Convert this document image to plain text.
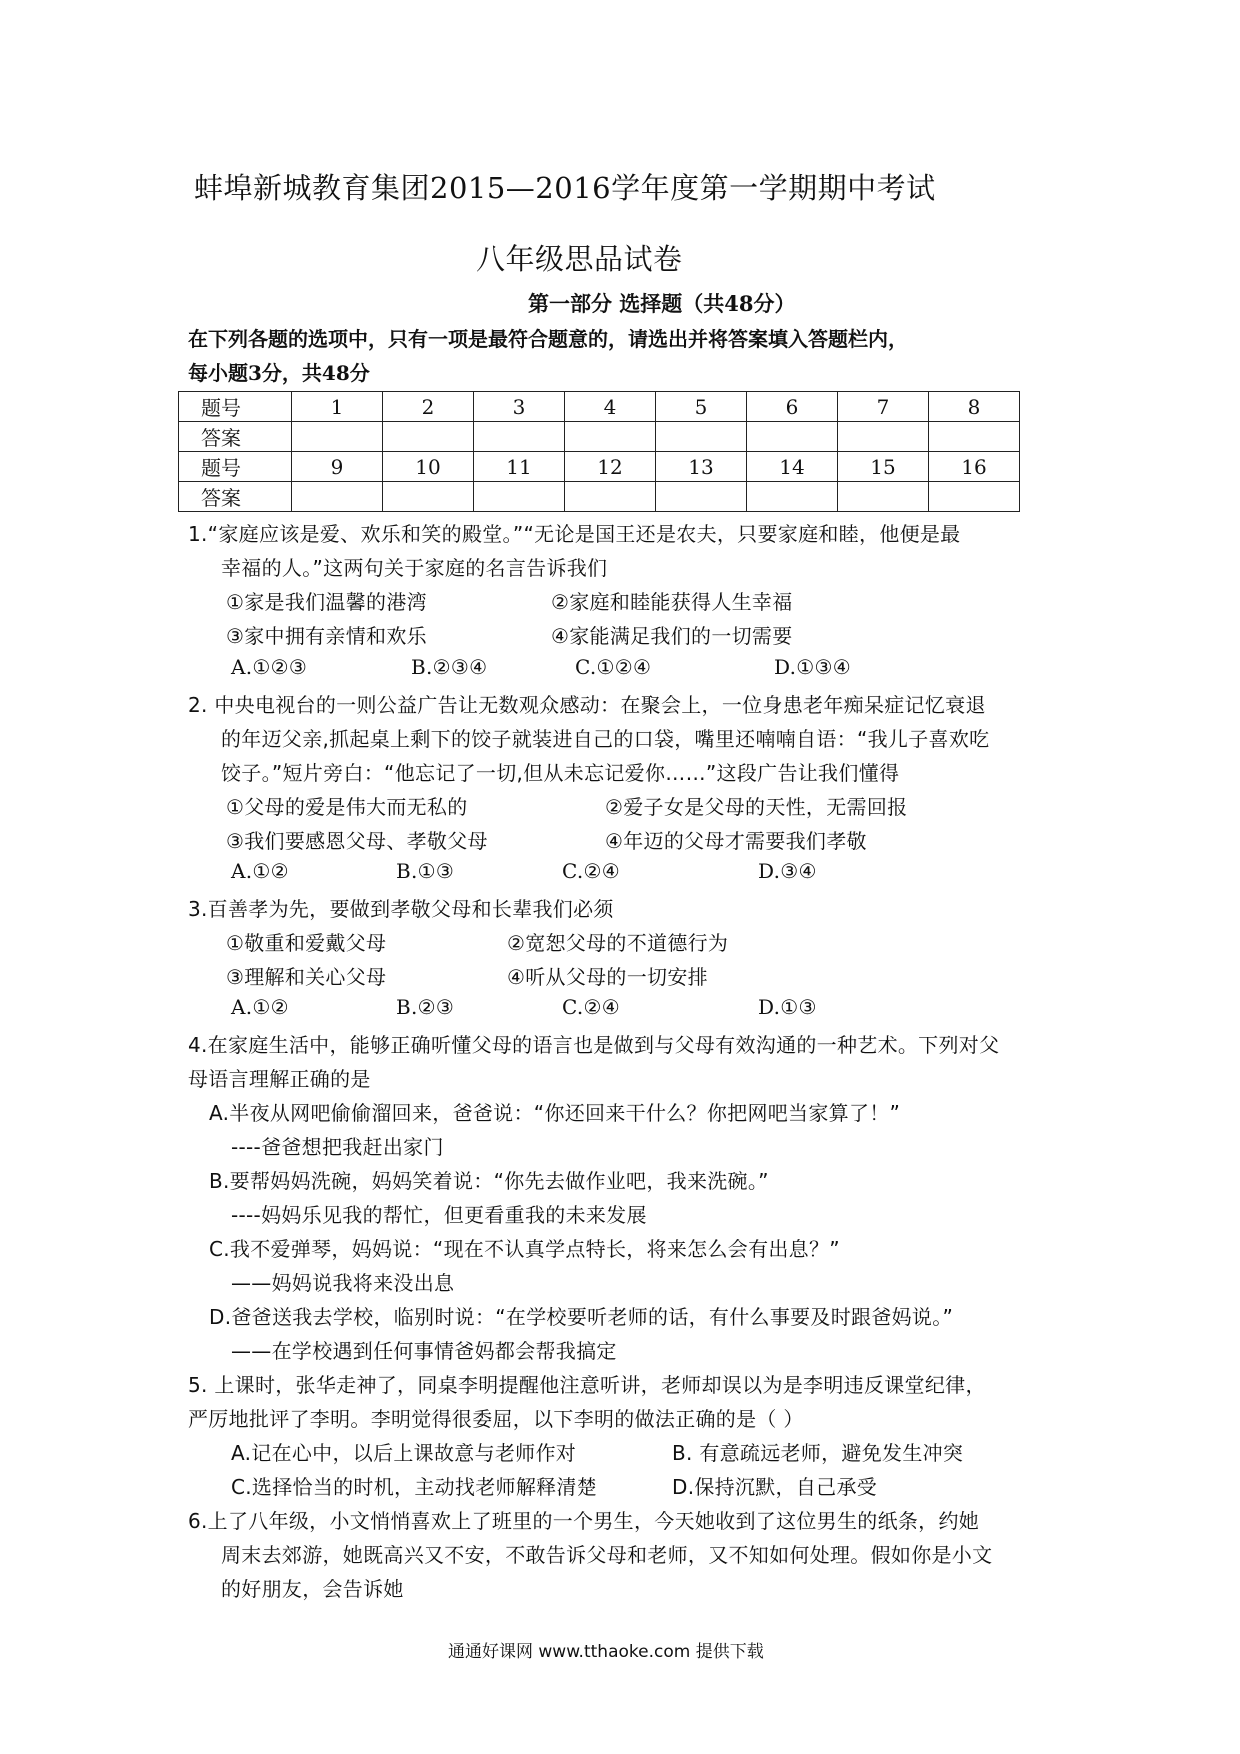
蚌埠新城教育集团2015—2016学年度第一学期期中考试
八年级思品试卷
第一部分 选择题（共48分）
在下列各题的选项中，只有一项是最符合题意的，请选出并将答案填入答题栏内，
每小题3分，共48分
题号	1	2	3	4	5	6	7	8
答案								
题号	9	10	11	12	13	14	15	16
答案								
1.“家庭应该是爱、欢乐和笑的殿堂。”“无论是国王还是农夫，只要家庭和睦，他便是最
幸福的人。”这两句关于家庭的名言告诉我们
①家是我们温馨的港湾	②家庭和睦能获得人生幸福
③家中拥有亲情和欢乐	④家能满足我们的一切需要
A.①②③	B.②③④	C.①②④	D.①③④
2. 中央电视台的一则公益广告让无数观众感动：在聚会上，一位身患老年痴呆症记忆衰退
的年迈父亲,抓起桌上剩下的饺子就装进自己的口袋，嘴里还喃喃自语：“我儿子喜欢吃
饺子。”短片旁白：“他忘记了一切,但从未忘记爱你……”这段广告让我们懂得
①父母的爱是伟大而无私的	②爱子女是父母的天性，无需回报
③我们要感恩父母、孝敬父母	④年迈的父母才需要我们孝敬
A.①②	B.①③	C.②④	D.③④
3.百善孝为先，要做到孝敬父母和长辈我们必须
①敬重和爱戴父母	②宽恕父母的不道德行为
③理解和关心父母	④听从父母的一切安排
A.①②	B.②③	C.②④	D.①③
4.在家庭生活中，能够正确听懂父母的语言也是做到与父母有效沟通的一种艺术。下列对父
母语言理解正确的是
A.半夜从网吧偷偷溜回来，爸爸说：“你还回来干什么？你把网吧当家算了！”
----爸爸想把我赶出家门
B.要帮妈妈洗碗，妈妈笑着说：“你先去做作业吧，我来洗碗。”
----妈妈乐见我的帮忙，但更看重我的未来发展
C.我不爱弹琴，妈妈说：“现在不认真学点特长，将来怎么会有出息？”
——妈妈说我将来没出息
D.爸爸送我去学校，临别时说：“在学校要听老师的话，有什么事要及时跟爸妈说。”
——在学校遇到任何事情爸妈都会帮我搞定
5. 上课时，张华走神了，同桌李明提醒他注意听讲，老师却误以为是李明违反课堂纪律，
严厉地批评了李明。李明觉得很委屈，以下李明的做法正确的是（ ）
A.记在心中，以后上课故意与老师作对	B. 有意疏远老师，避免发生冲突
C.选择恰当的时机，主动找老师解释清楚	D.保持沉默，自己承受
6.上了八年级，小文悄悄喜欢上了班里的一个男生，今天她收到了这位男生的纸条，约她
周末去郊游，她既高兴又不安，不敢告诉父母和老师，又不知如何处理。假如你是小文
的好朋友，会告诉她
通通好课网 www.tthaoke.com 提供下载
